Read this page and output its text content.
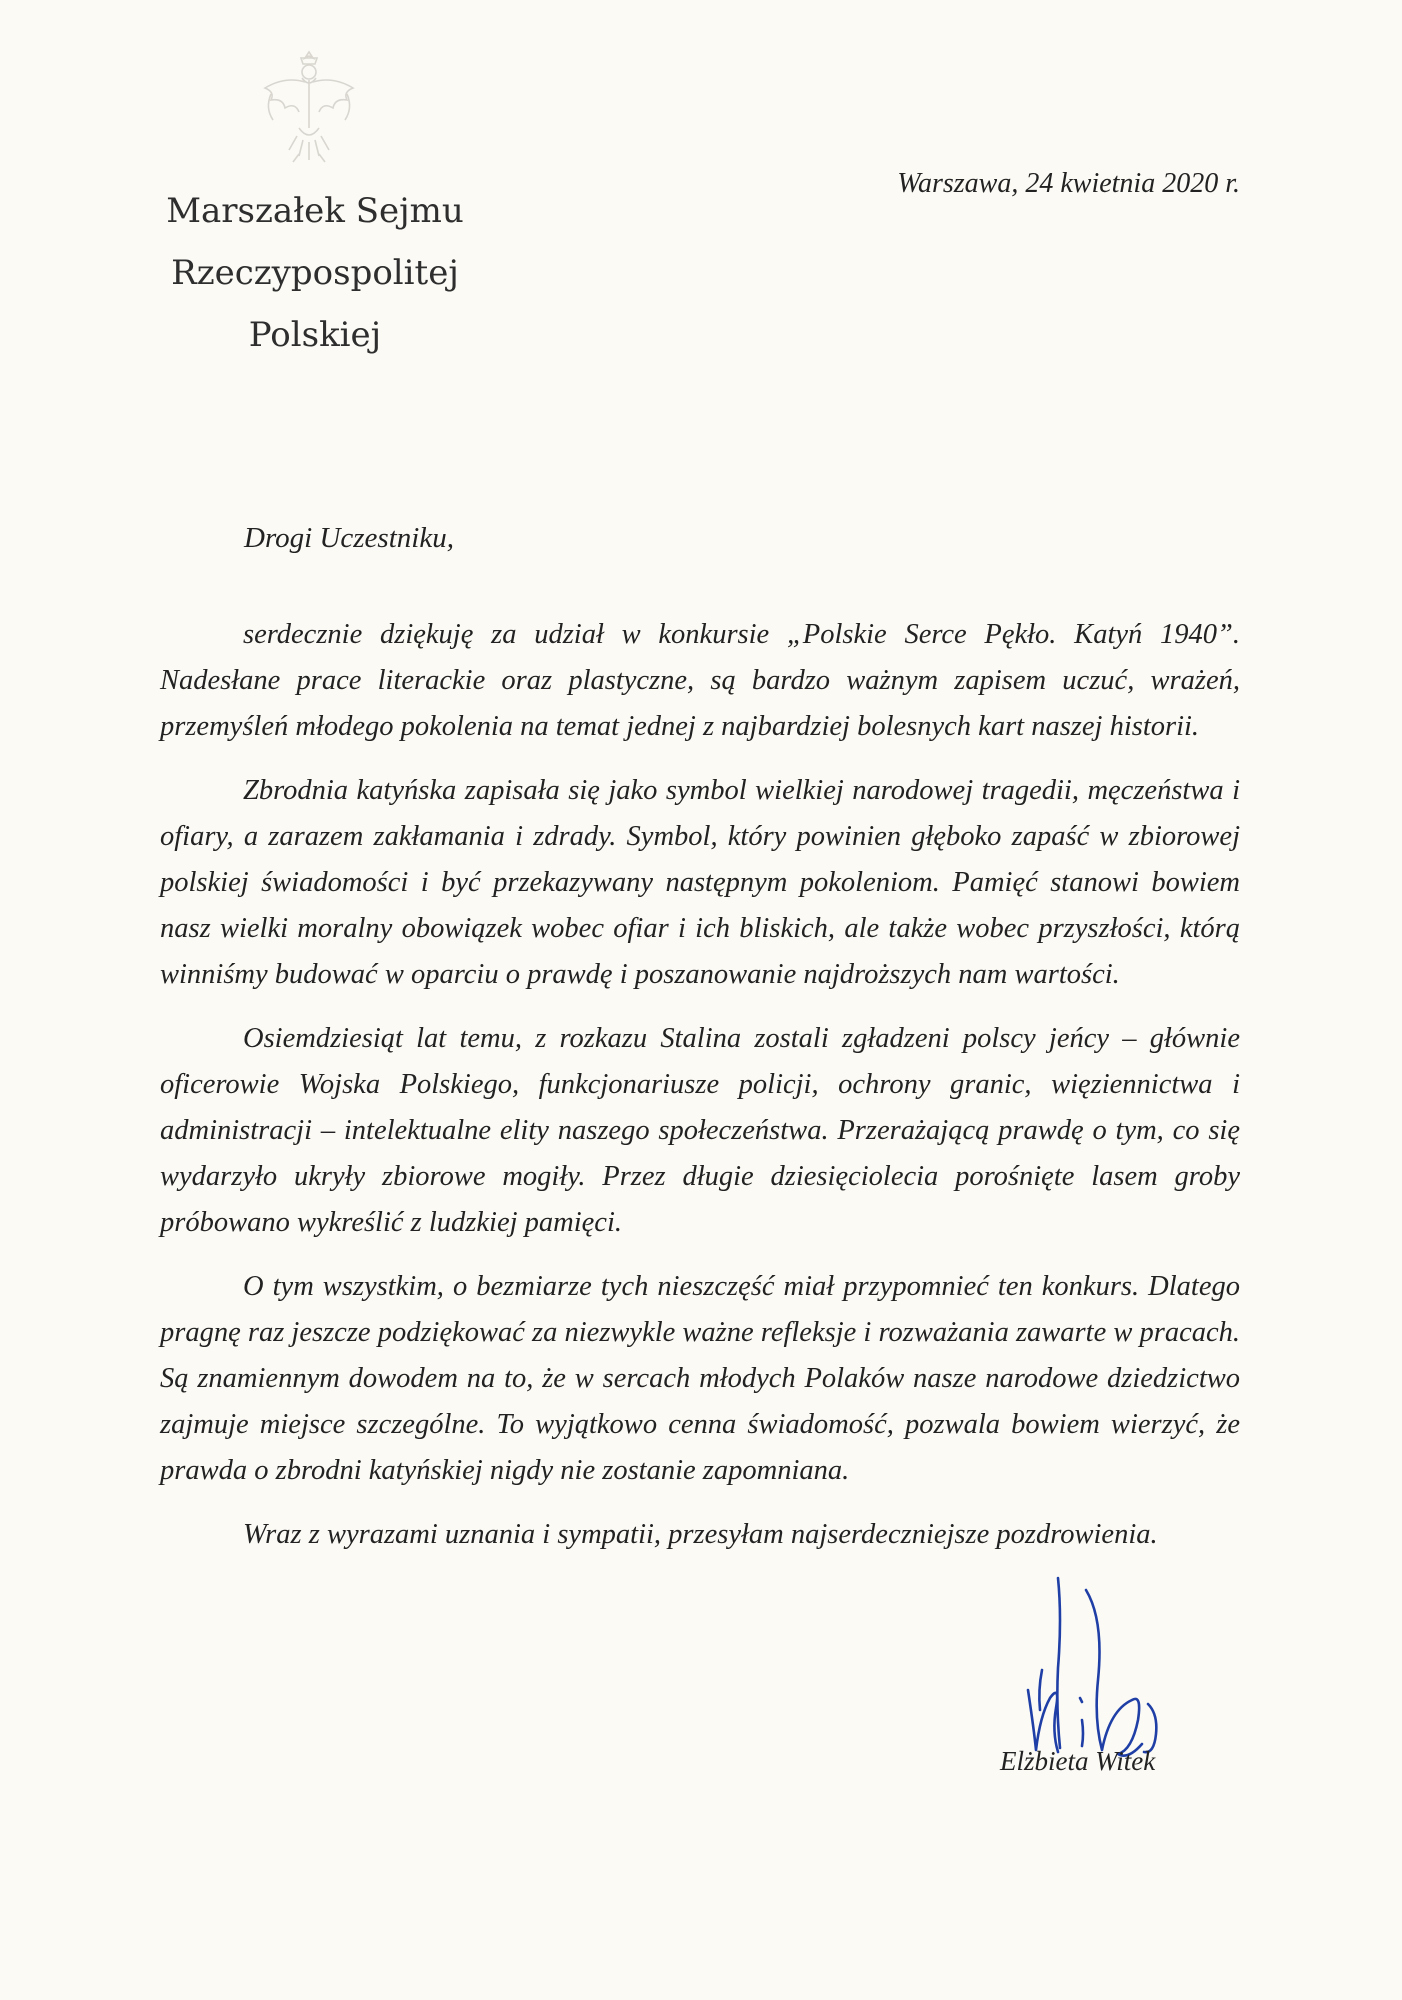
Marszałek Sejmu
Rzeczypospolitej Polskiej
Warszawa, 24 kwietnia 2020 r.
Drogi Uczestniku,

serdecznie dziękuję za udział w konkursie „Polskie Serce Pękło. Katyń 1940”. Nadesłane prace literackie oraz plastyczne, są bardzo ważnym zapisem uczuć, wrażeń, przemyśleń młodego pokolenia na temat jednej z najbardziej bolesnych kart naszej historii.

Zbrodnia katyńska zapisała się jako symbol wielkiej narodowej tragedii, męczeństwa i ofiary, a zarazem zakłamania i zdrady. Symbol, który powinien głęboko zapaść w zbiorowej polskiej świadomości i być przekazywany następnym pokoleniom. Pamięć stanowi bowiem nasz wielki moralny obowiązek wobec ofiar i ich bliskich, ale także wobec przyszłości, którą winniśmy budować w oparciu o prawdę i poszanowanie najdroższych nam wartości.

Osiemdziesiąt lat temu, z rozkazu Stalina zostali zgładzeni polscy jeńcy – głównie oficerowie Wojska Polskiego, funkcjonariusze policji, ochrony granic, więziennictwa i administracji – intelektualne elity naszego społeczeństwa. Przerażającą prawdę o tym, co się wydarzyło ukryły zbiorowe mogiły. Przez długie dziesięciolecia porośnięte lasem groby próbowano wykreślić z ludzkiej pamięci.

O tym wszystkim, o bezmiarze tych nieszczęść miał przypomnieć ten konkurs. Dlatego pragnę raz jeszcze podziękować za niezwykle ważne refleksje i rozważania zawarte w pracach. Są znamiennym dowodem na to, że w sercach młodych Polaków nasze narodowe dziedzictwo zajmuje miejsce szczególne. To wyjątkowo cenna świadomość, pozwala bowiem wierzyć, że prawda o zbrodni katyńskiej nigdy nie zostanie zapomniana.

Wraz z wyrazami uznania i sympatii, przesyłam najserdeczniejsze pozdrowienia.

Elżbieta Witek
